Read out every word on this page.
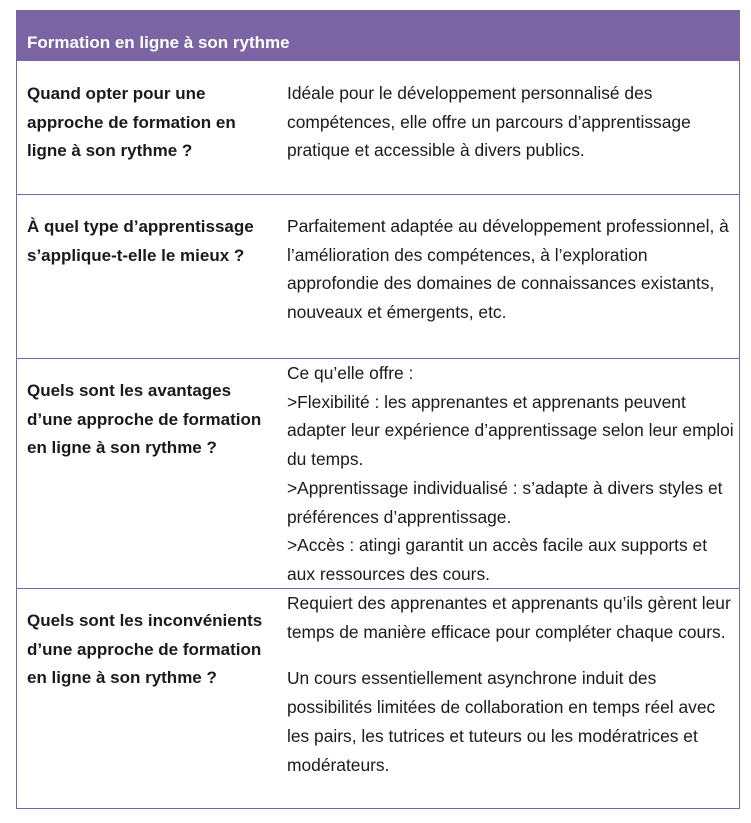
Formation en ligne à son rythme
Quand opter pour une approche de formation en ligne à son rythme ?

Idéale pour le développement personnalisé des compétences, elle offre un parcours d’apprentissage pratique et accessible à divers publics.

À quel type d’apprentissage s’applique-t-elle le mieux ?

Parfaitement adaptée au développement professionnel, à l’amélioration des compétences, à l’exploration approfondie des domaines de connaissances existants, nouveaux et émergents, etc.

Quels sont les avantages d’une approche de formation en ligne à son rythme ?

Ce qu’elle offre :

>Flexibilité : les apprenantes et apprenants peuvent adapter leur expérience d’apprentissage selon leur emploi du temps.

>Apprentissage individualisé : s’adapte à divers styles et préférences d’apprentissage.

>Accès : atingi garantit un accès facile aux supports et aux ressources des cours.

Quels sont les inconvénients d’une approche de formation en ligne à son rythme ?

Requiert des apprenantes et apprenants qu’ils gèrent leur temps de manière efficace pour compléter chaque cours.

Un cours essentiellement asynchrone induit des possibilités limitées de collaboration en temps réel avec les pairs, les tutrices et tuteurs ou les modératrices et modérateurs.
